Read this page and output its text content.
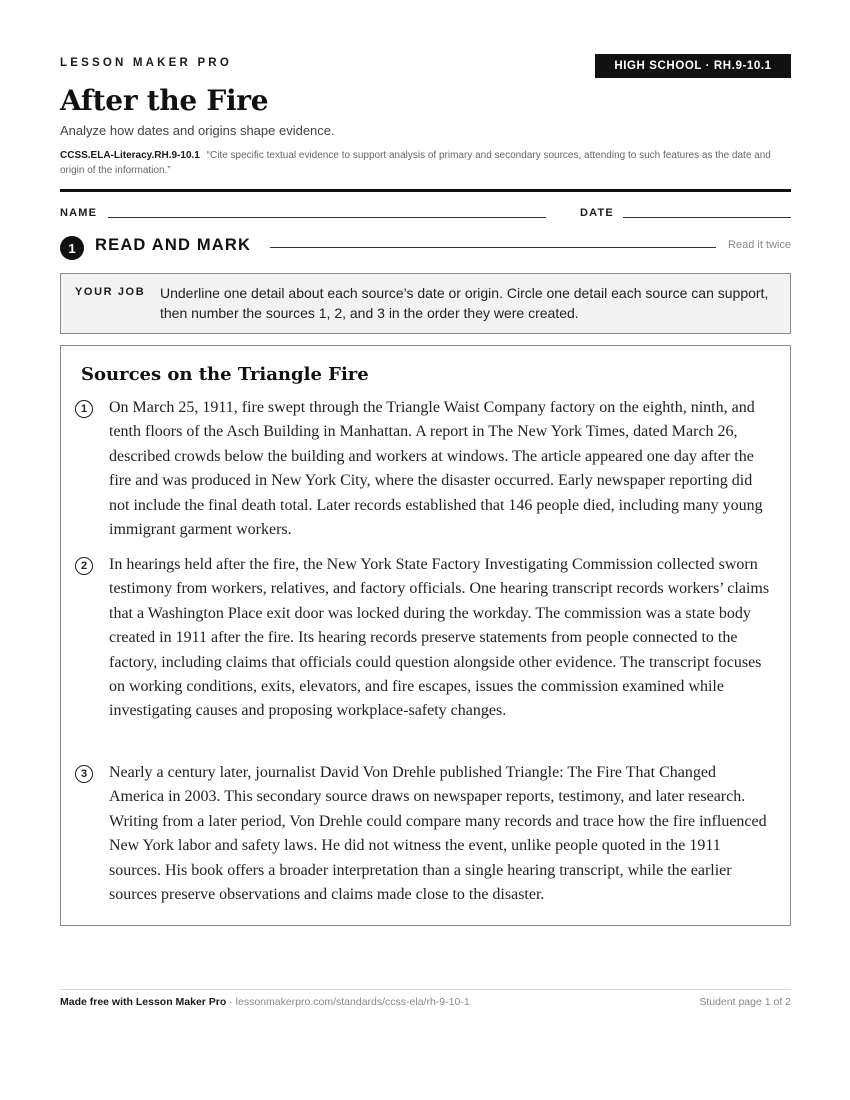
LESSON MAKER PRO	HIGH SCHOOL · RH.9-10.1
After the Fire
Analyze how dates and origins shape evidence.
CCSS.ELA-Literacy.RH.9-10.1 “Cite specific textual evidence to support analysis of primary and secondary sources, attending to such features as the date and origin of the information.”
NAME	DATE
1	READ AND MARK	Read it twice
YOUR JOB Underline one detail about each source’s date or origin. Circle one detail each source can support, then number the sources 1, 2, and 3 in the order they were created.
Sources on the Triangle Fire
1	On March 25, 1911, fire swept through the Triangle Waist Company factory on the eighth, ninth, and tenth floors of the Asch Building in Manhattan. A report in The New York Times, dated March 26, described crowds below the building and workers at windows. The article appeared one day after the fire and was produced in New York City, where the disaster occurred. Early newspaper reporting did not include the final death total. Later records established that 146 people died, including many young immigrant garment workers.

2	In hearings held after the fire, the New York State Factory Investigating Commission collected sworn testimony from workers, relatives, and factory officials. One hearing transcript records workers’ claims that a Washington Place exit door was locked during the workday. The commission was a state body created in 1911 after the fire. Its hearing records preserve statements from people connected to the factory, including claims that officials could question alongside other evidence. The transcript focuses on working conditions, exits, elevators, and fire escapes, issues the commission examined while investigating causes and proposing workplace-safety changes.

3	Nearly a century later, journalist David Von Drehle published Triangle: The Fire That Changed America in 2003. This secondary source draws on newspaper reports, testimony, and later research. Writing from a later period, Von Drehle could compare many records and trace how the fire influenced New York labor and safety laws. He did not witness the event, unlike people quoted in the 1911 sources. His book offers a broader interpretation than a single hearing transcript, while the earlier sources preserve observations and claims made close to the disaster.

Made free with Lesson Maker Pro · lessonmakerpro.com/standards/ccss-ela/rh-9-10-1	Student page 1 of 2
